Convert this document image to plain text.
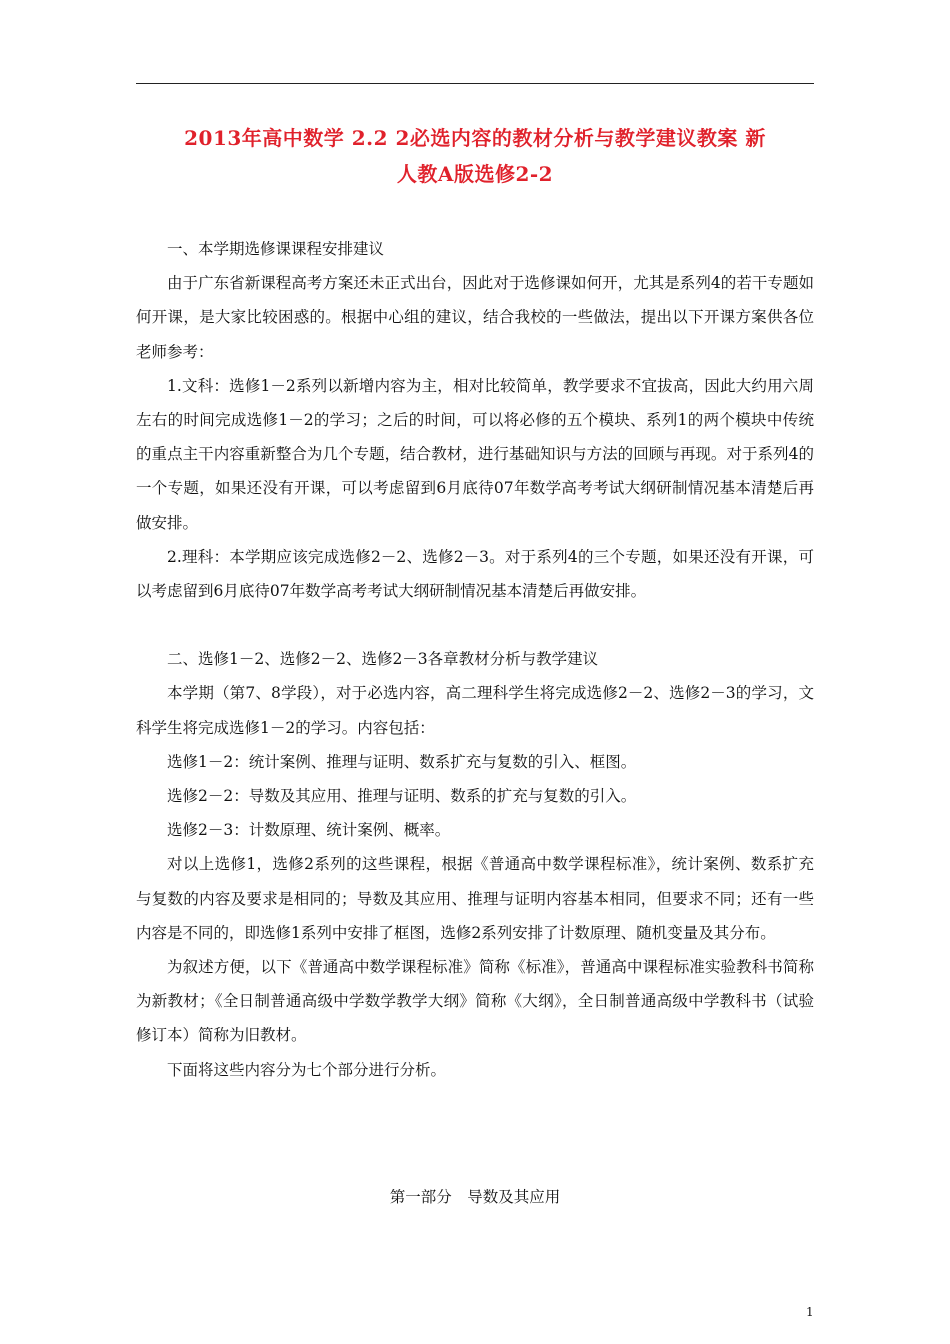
2013年高中数学 2.2 2必选内容的教材分析与教学建议教案 新
人教A版选修2-2

一、本学期选修课课程安排建议

由于广东省新课程高考方案还未正式出台，因此对于选修课如何开，尤其是系列4的若干专题如何开课，是大家比较困惑的。根据中心组的建议，结合我校的一些做法，提出以下开课方案供各位老师参考：

1.文科：选修1－2系列以新增内容为主，相对比较简单，教学要求不宜拔高，因此大约用六周左右的时间完成选修1－2的学习；之后的时间，可以将必修的五个模块、系列1的两个模块中传统的重点主干内容重新整合为几个专题，结合教材，进行基础知识与方法的回顾与再现。对于系列4的一个专题，如果还没有开课，可以考虑留到6月底待07年数学高考考试大纲研制情况基本清楚后再做安排。

2.理科：本学期应该完成选修2－2、选修2－3。对于系列4的三个专题，如果还没有开课，可以考虑留到6月底待07年数学高考考试大纲研制情况基本清楚后再做安排。

二、选修1－2、选修2－2、选修2－3各章教材分析与教学建议

本学期（第7、8学段），对于必选内容，高二理科学生将完成选修2－2、选修2－3的学习，文科学生将完成选修1－2的学习。内容包括：

选修1－2：统计案例、推理与证明、数系扩充与复数的引入、框图。

选修2－2：导数及其应用、推理与证明、数系的扩充与复数的引入。

选修2－3：计数原理、统计案例、概率。

对以上选修1，选修2系列的这些课程，根据《普通高中数学课程标准》，统计案例、数系扩充与复数的内容及要求是相同的；导数及其应用、推理与证明内容基本相同，但要求不同；还有一些内容是不同的，即选修1系列中安排了框图，选修2系列安排了计数原理、随机变量及其分布。

为叙述方便，以下《普通高中数学课程标准》简称《标准》，普通高中课程标准实验教科书简称为新教材；《全日制普通高级中学数学教学大纲》简称《大纲》，全日制普通高级中学教科书（试验修订本）简称为旧教材。

下面将这些内容分为七个部分进行分析。

第一部分　导数及其应用
1
